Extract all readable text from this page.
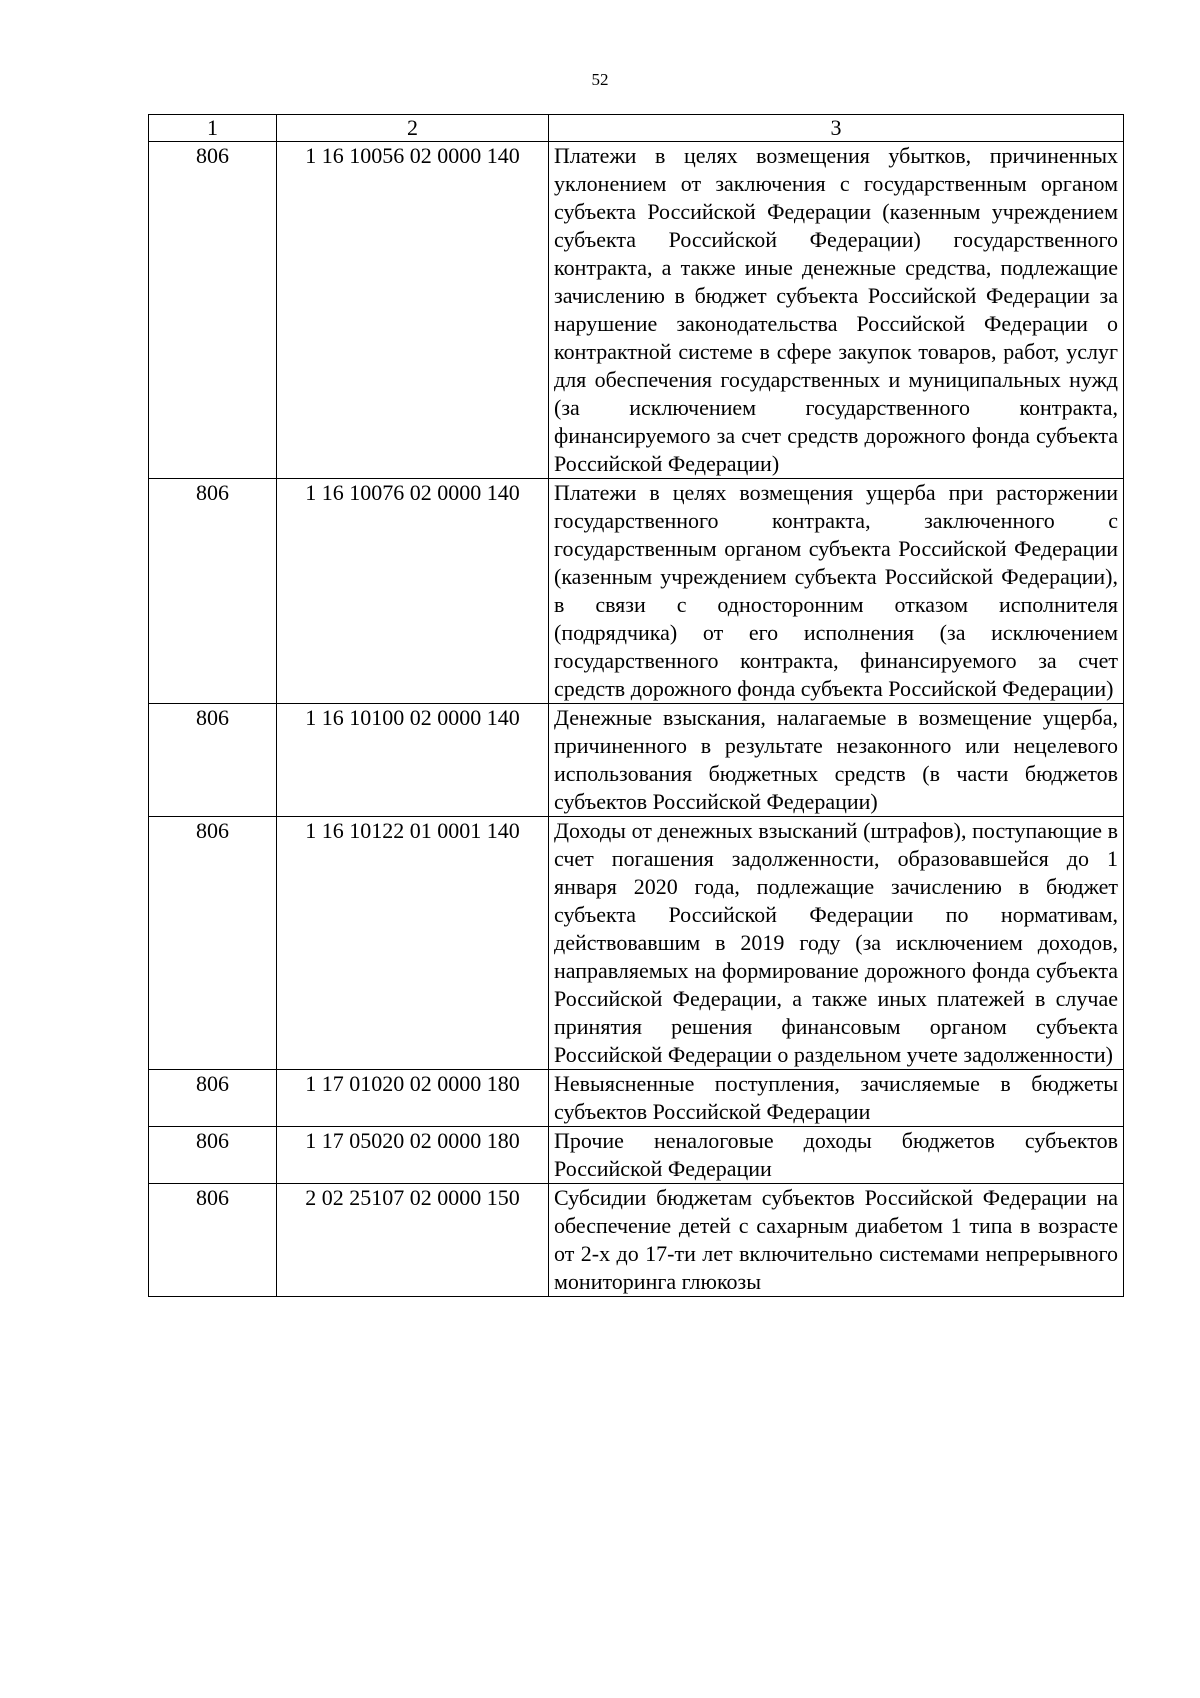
52
1	2	3
806	1 16 10056 02 0000 140	Платежи в целях возмещения убытков, причиненных уклонением от заключения с государственным органом субъекта Российской Федерации (казенным учреждением субъекта Российской Федерации) государственного контракта, а также иные денежные средства, подлежащие зачислению в бюджет субъекта Российской Федерации за нарушение законодательства Российской Федерации о контрактной системе в сфере закупок товаров, работ, услуг для обеспечения государственных и муниципальных нужд (за исключением государственного контракта, финансируемого за счет средств дорожного фонда субъекта Российской Федерации)
806	1 16 10076 02 0000 140	Платежи в целях возмещения ущерба при расторжении государственного контракта, заключенного с государственным органом субъекта Российской Федерации (казенным учреждением субъекта Российской Федерации), в связи с односторонним отказом исполнителя (подрядчика) от его исполнения (за исключением государственного контракта, финансируемого за счет средств дорожного фонда субъекта Российской Федерации)
806	1 16 10100 02 0000 140	Денежные взыскания, налагаемые в возмещение ущерба, причиненного в результате незаконного или нецелевого использования бюджетных средств (в части бюджетов субъектов Российской Федерации)
806	1 16 10122 01 0001 140	Доходы от денежных взысканий (штрафов), поступающие в счет погашения задолженности, образовавшейся до 1 января 2020 года, подлежащие зачислению в бюджет субъекта Российской Федерации по нормативам, действовавшим в 2019 году (за исключением доходов, направляемых на формирование дорожного фонда субъекта Российской Федерации, а также иных платежей в случае принятия решения финансовым органом субъекта Российской Федерации о раздельном учете задолженности)
806	1 17 01020 02 0000 180	Невыясненные поступления, зачисляемые в бюджеты субъектов Российской Федерации
806	1 17 05020 02 0000 180	Прочие неналоговые доходы бюджетов субъектов Российской Федерации
806	2 02 25107 02 0000 150	Субсидии бюджетам субъектов Российской Федерации на обеспечение детей с сахарным диабетом 1 типа в возрасте от 2-х до 17-ти лет включительно системами непрерывного мониторинга глюкозы
